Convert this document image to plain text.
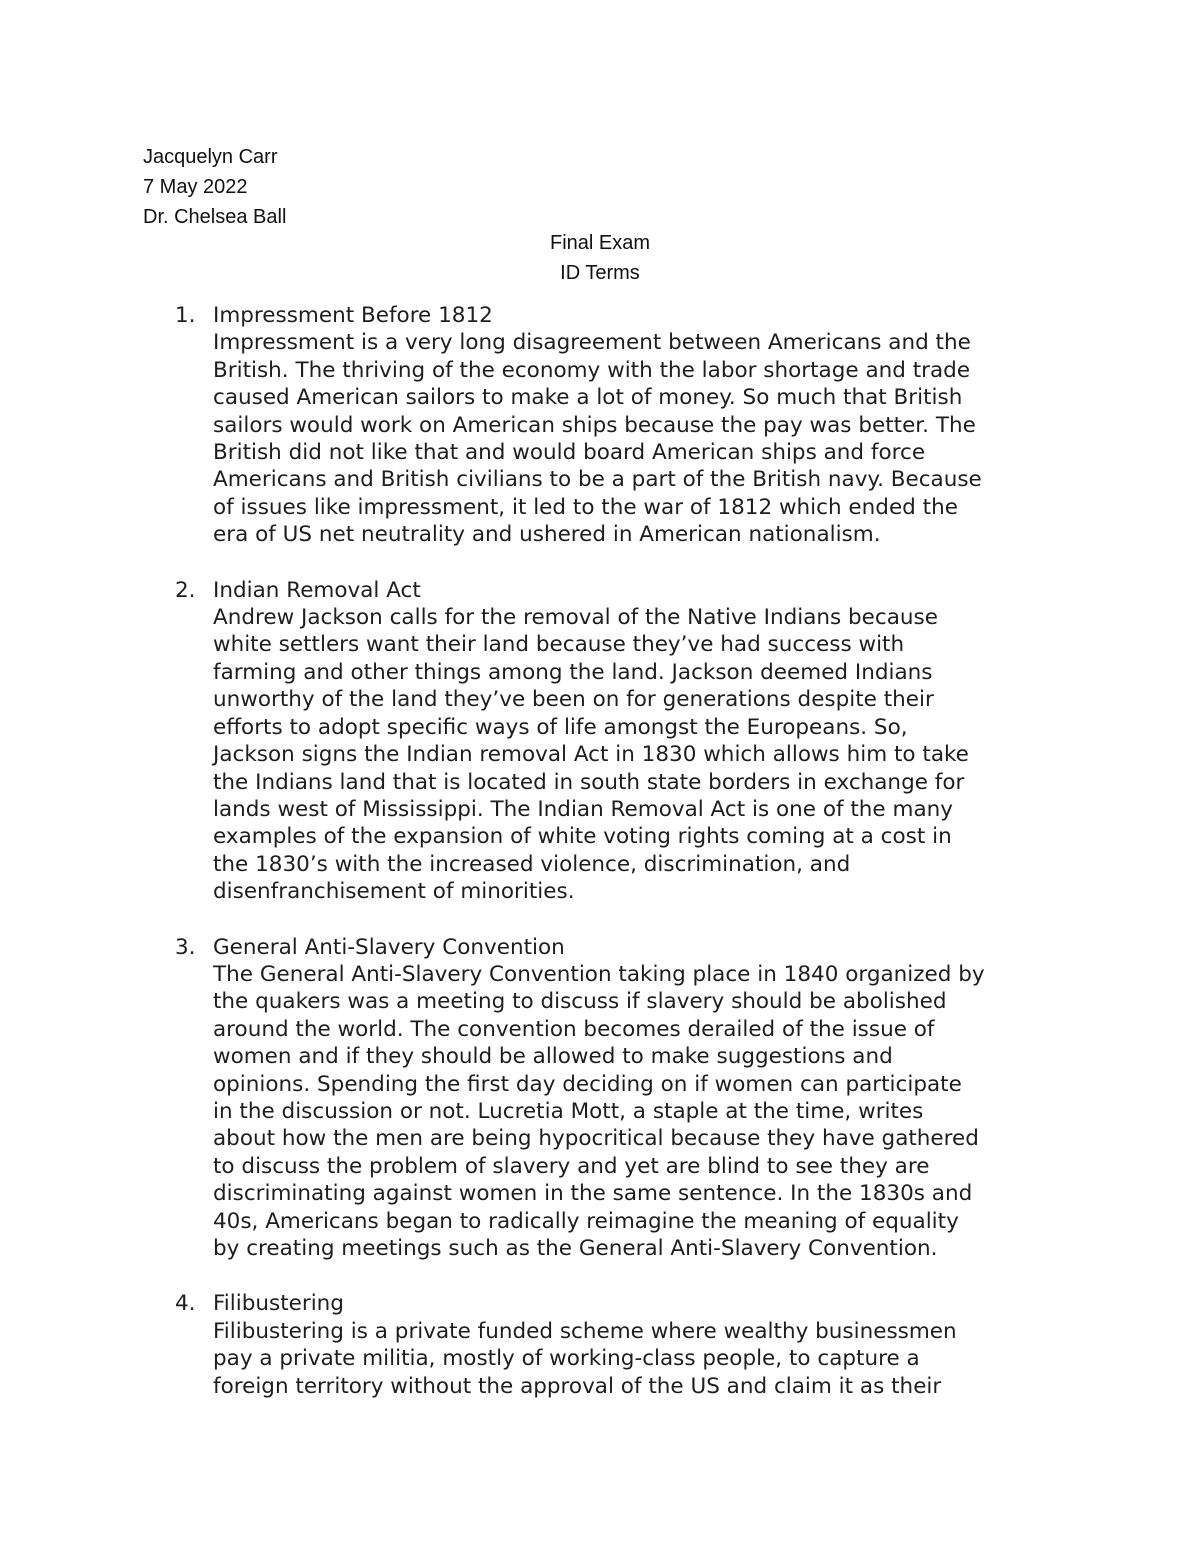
Jacquelyn Carr
7 May 2022
Dr. Chelsea Ball
Final Exam
ID Terms
1. Impressment Before 1812
Impressment is a very long disagreement between Americans and the
British. The thriving of the economy with the labor shortage and trade
caused American sailors to make a lot of money. So much that British
sailors would work on American ships because the pay was better. The
British did not like that and would board American ships and force
Americans and British civilians to be a part of the British navy. Because
of issues like impressment, it led to the war of 1812 which ended the
era of US net neutrality and ushered in American nationalism.
2. Indian Removal Act
Andrew Jackson calls for the removal of the Native Indians because
white settlers want their land because they’ve had success with
farming and other things among the land. Jackson deemed Indians
unworthy of the land they’ve been on for generations despite their
efforts to adopt specific ways of life amongst the Europeans. So,
Jackson signs the Indian removal Act in 1830 which allows him to take
the Indians land that is located in south state borders in exchange for
lands west of Mississippi. The Indian Removal Act is one of the many
examples of the expansion of white voting rights coming at a cost in
the 1830’s with the increased violence, discrimination, and
disenfranchisement of minorities.
3. General Anti-Slavery Convention
The General Anti-Slavery Convention taking place in 1840 organized by
the quakers was a meeting to discuss if slavery should be abolished
around the world. The convention becomes derailed of the issue of
women and if they should be allowed to make suggestions and
opinions. Spending the first day deciding on if women can participate
in the discussion or not. Lucretia Mott, a staple at the time, writes
about how the men are being hypocritical because they have gathered
to discuss the problem of slavery and yet are blind to see they are
discriminating against women in the same sentence. In the 1830s and
40s, Americans began to radically reimagine the meaning of equality
by creating meetings such as the General Anti-Slavery Convention.
4. Filibustering
Filibustering is a private funded scheme where wealthy businessmen
pay a private militia, mostly of working-class people, to capture a
foreign territory without the approval of the US and claim it as their
